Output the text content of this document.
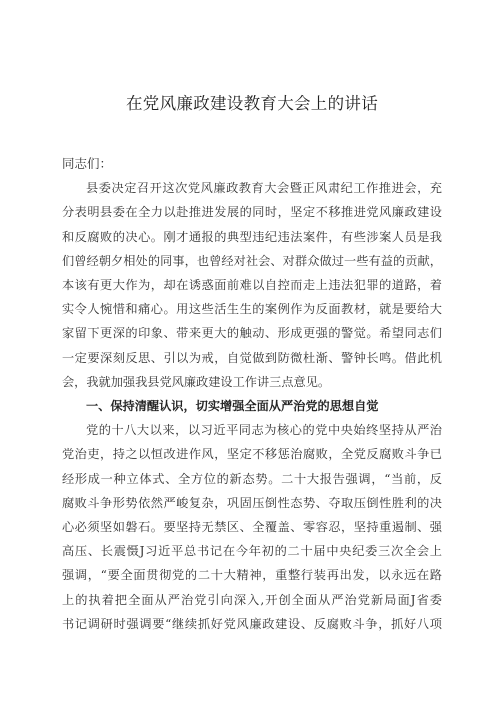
在党风廉政建设教育大会上的讲话
同志们：

县委决定召开这次党风廉政教育大会暨正风肃纪工作推进会，充
分表明县委在全力以赴推进发展的同时，坚定不移推进党风廉政建设
和反腐败的决心。刚才通报的典型违纪违法案件，有些涉案人员是我
们曾经朝夕相处的同事，也曾经对社会、对群众做过一些有益的贡献，
本该有更大作为，却在诱惑面前难以自控而走上违法犯罪的道路，着
实令人惋惜和痛心。用这些活生生的案例作为反面教材，就是要给大
家留下更深的印象、带来更大的触动、形成更强的警觉。希望同志们
一定要深刻反思、引以为戒，自觉做到防微杜渐、警钟长鸣。借此机
会，我就加强我县党风廉政建设工作讲三点意见。

一、保持清醒认识，切实增强全面从严治党的思想自觉

党的十八大以来，以习近平同志为核心的党中央始终坚持从严治
党治吏，持之以恒改进作风，坚定不移惩治腐败，全党反腐败斗争已
经形成一种立体式、全方位的新态势。二十大报告强调，“当前，反
腐败斗争形势依然严峻复杂，巩固压倒性态势、夺取压倒性胜利的决
心必须坚如磐石。要坚持无禁区、全覆盖、零容忍，坚持重遏制、强
高压、长震慑J习近平总书记在今年初的二十届中央纪委三次全会上
强调，“要全面贯彻党的二十大精神，重整行装再出发，以永远在路
上的执着把全面从严治党引向深入,开创全面从严治党新局面J省委
书记调研时强调要“继续抓好党风廉政建设、反腐败斗争，抓好八项
